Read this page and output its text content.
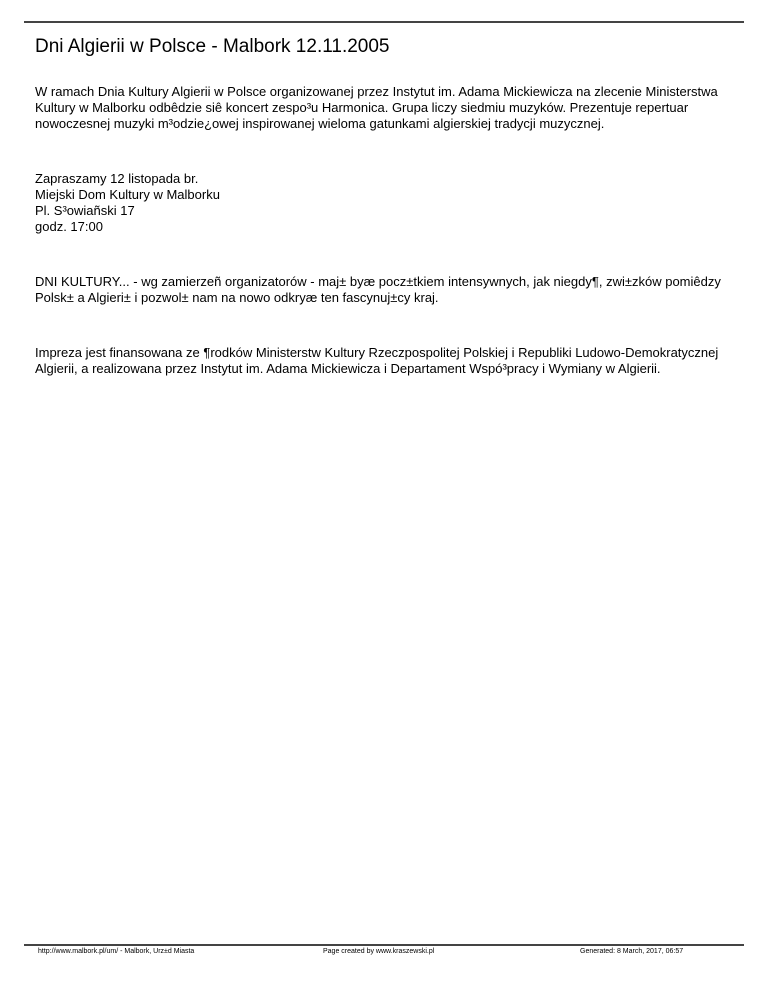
Dni Algierii w Polsce - Malbork 12.11.2005

W ramach Dnia Kultury Algierii w Polsce organizowanej przez Instytut im. Adama Mickiewicza na zlecenie Ministerstwa Kultury w Malborku odbêdzie siê koncert zespo³u Harmonica. Grupa liczy siedmiu muzyków. Prezentuje repertuar nowoczesnej muzyki m³odzie¿owej inspirowanej wieloma gatunkami algierskiej tradycji muzycznej.

Zapraszamy 12 listopada br.
Miejski Dom Kultury w Malborku
Pl. S³owiañski 17
godz. 17:00

DNI KULTURY... - wg zamierzeñ organizatorów - maj± byæ pocz±tkiem intensywnych, jak niegdy¶, zwi±zków pomiêdzy Polsk± a Algieri± i pozwol± nam na nowo odkryæ ten fascynuj±cy kraj.

Impreza jest finansowana ze ¶rodków Ministerstw Kultury Rzeczpospolitej Polskiej i Republiki Ludowo-Demokratycznej Algierii, a realizowana przez Instytut im. Adama Mickiewicza i Departament Wspó³pracy i Wymiany w Algierii.

http://www.malbork.pl/um/ - Malbork, Urz±d Miasta	Page created by www.kraszewski.pl	Generated: 8 March, 2017, 06:57
